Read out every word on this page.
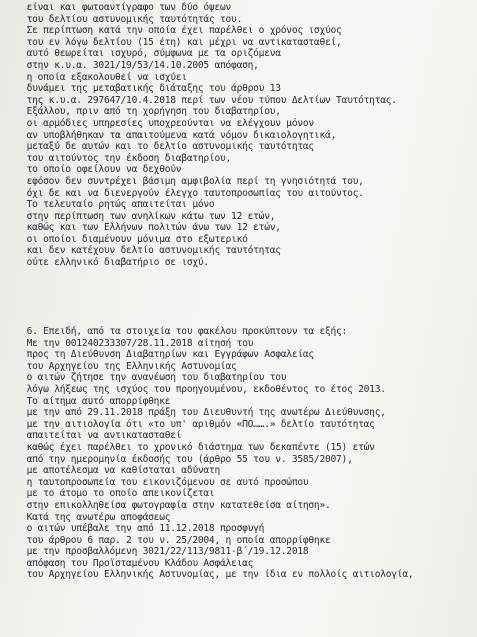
είναι και φωτοαντίγραφο των δύο όψεων
του δελτίου αστυνομικής ταυτότητάς του.
Σε περίπτωση κατά την οποία έχει παρέλθει ο χρόνος ισχύος
του εν λόγω δελτίου (15 έτη) και μέχρι να αντικατασταθεί,
αυτό θεωρείται ισχυρό, σύμφωνα με τα οριζόμενα
στην κ.υ.α. 3021/19/53/14.10.2005 απόφαση,
η οποία εξακολουθεί να ισχύει
δυνάμει της μεταβατικής διάταξης του άρθρου 13
της κ.υ.α. 297647/10.4.2018 περί των νέου τύπου Δελτίων Ταυτότητας.
Εξάλλου, πριν από τη χορήγηση του διαβατηρίου,
οι αρμόδιες υπηρεσίες υποχρεούνται να ελέγχουν μόνον
αν υποβλήθηκαν τα απαιτούμενα κατά νόμον δικαιολογητικά,
μεταξύ δε αυτών και το δελτίο αστυνομικής ταυτότητας
του αιτούντος την έκδοση διαβατηρίου,
το οποίο οφείλουν να δεχθούν
εφόσον δεν συντρέχει βάσιμη αμφιβολία περί τη γνησιότητά του,
όχι δε και να διενεργούν έλεγχο ταυτοπροσωπίας του αιτούντος.
Το τελευταίο ρητώς απαιτείται μόνο
στην περίπτωση των ανηλίκων κάτω των 12 ετών,
καθώς και των Ελλήνων πολιτών άνω των 12 ετών,
οι οποίοι διαμένουν μόνιμα στο εξωτερικό
και δεν κατέχουν δελτίο αστυνομικής ταυτότητας
ούτε ελληνικό διαβατήριο σε ισχύ.
6. Επειδή, από τα στοιχεία του φακέλου προκύπτουν τα εξής:
Με την 001240233307/28.11.2018 αίτησή του
προς τη Διεύθυνση Διαβατηρίων και Εγγράφων Ασφαλείας
του Αρχηγείου της Ελληνικής Αστυνομίας
ο αιτών ζήτησε την ανανέωση του διαβατηρίου του
λόγω λήξεως της ισχύος του προηγουμένου, εκδοθέντος το έτος 2013.
Το αίτημα αυτό απορρίφθηκε
με την από 29.11.2018 πράξη του Διευθυντή της ανωτέρω Διεύθυνσης,
με την αιτιολογία ότι «το υπ' αριθμόν «ΠΟ…….» δελτίο ταυτότητας
απαιτείται να αντικατασταθεί
καθώς έχει παρέλθει το χρονικό διάστημα των δεκαπέντε (15) ετών
από την ημερομηνία έκδοσής του (άρθρο 55 του ν. 3585/2007),
με αποτέλεσμα να καθίσταται αδύνατη
η ταυτοπροσωπεία του εικονιζόμενου σε αυτό προσώπου
με το άτομο το οποίο απεικονίζεται
στην επικολληθείσα φωτογραφία στην κατατεθείσα αίτηση».
Κατά της ανωτέρω αποφάσεως
ο αιτών υπέβαλε την από 11.12.2018 προσφυγή
του άρθρου 6 παρ. 2 του ν. 25/2004, η οποία απορρίφθηκε
με την προσβαλλόμενη 3021/22/113/9811-β΄/19.12.2018
απόφαση του Προϊσταμένου Κλάδου Ασφάλειας
του Αρχηγείου Ελληνικής Αστυνομίας, με την ίδια εν πολλοίς αιτιολογία,
